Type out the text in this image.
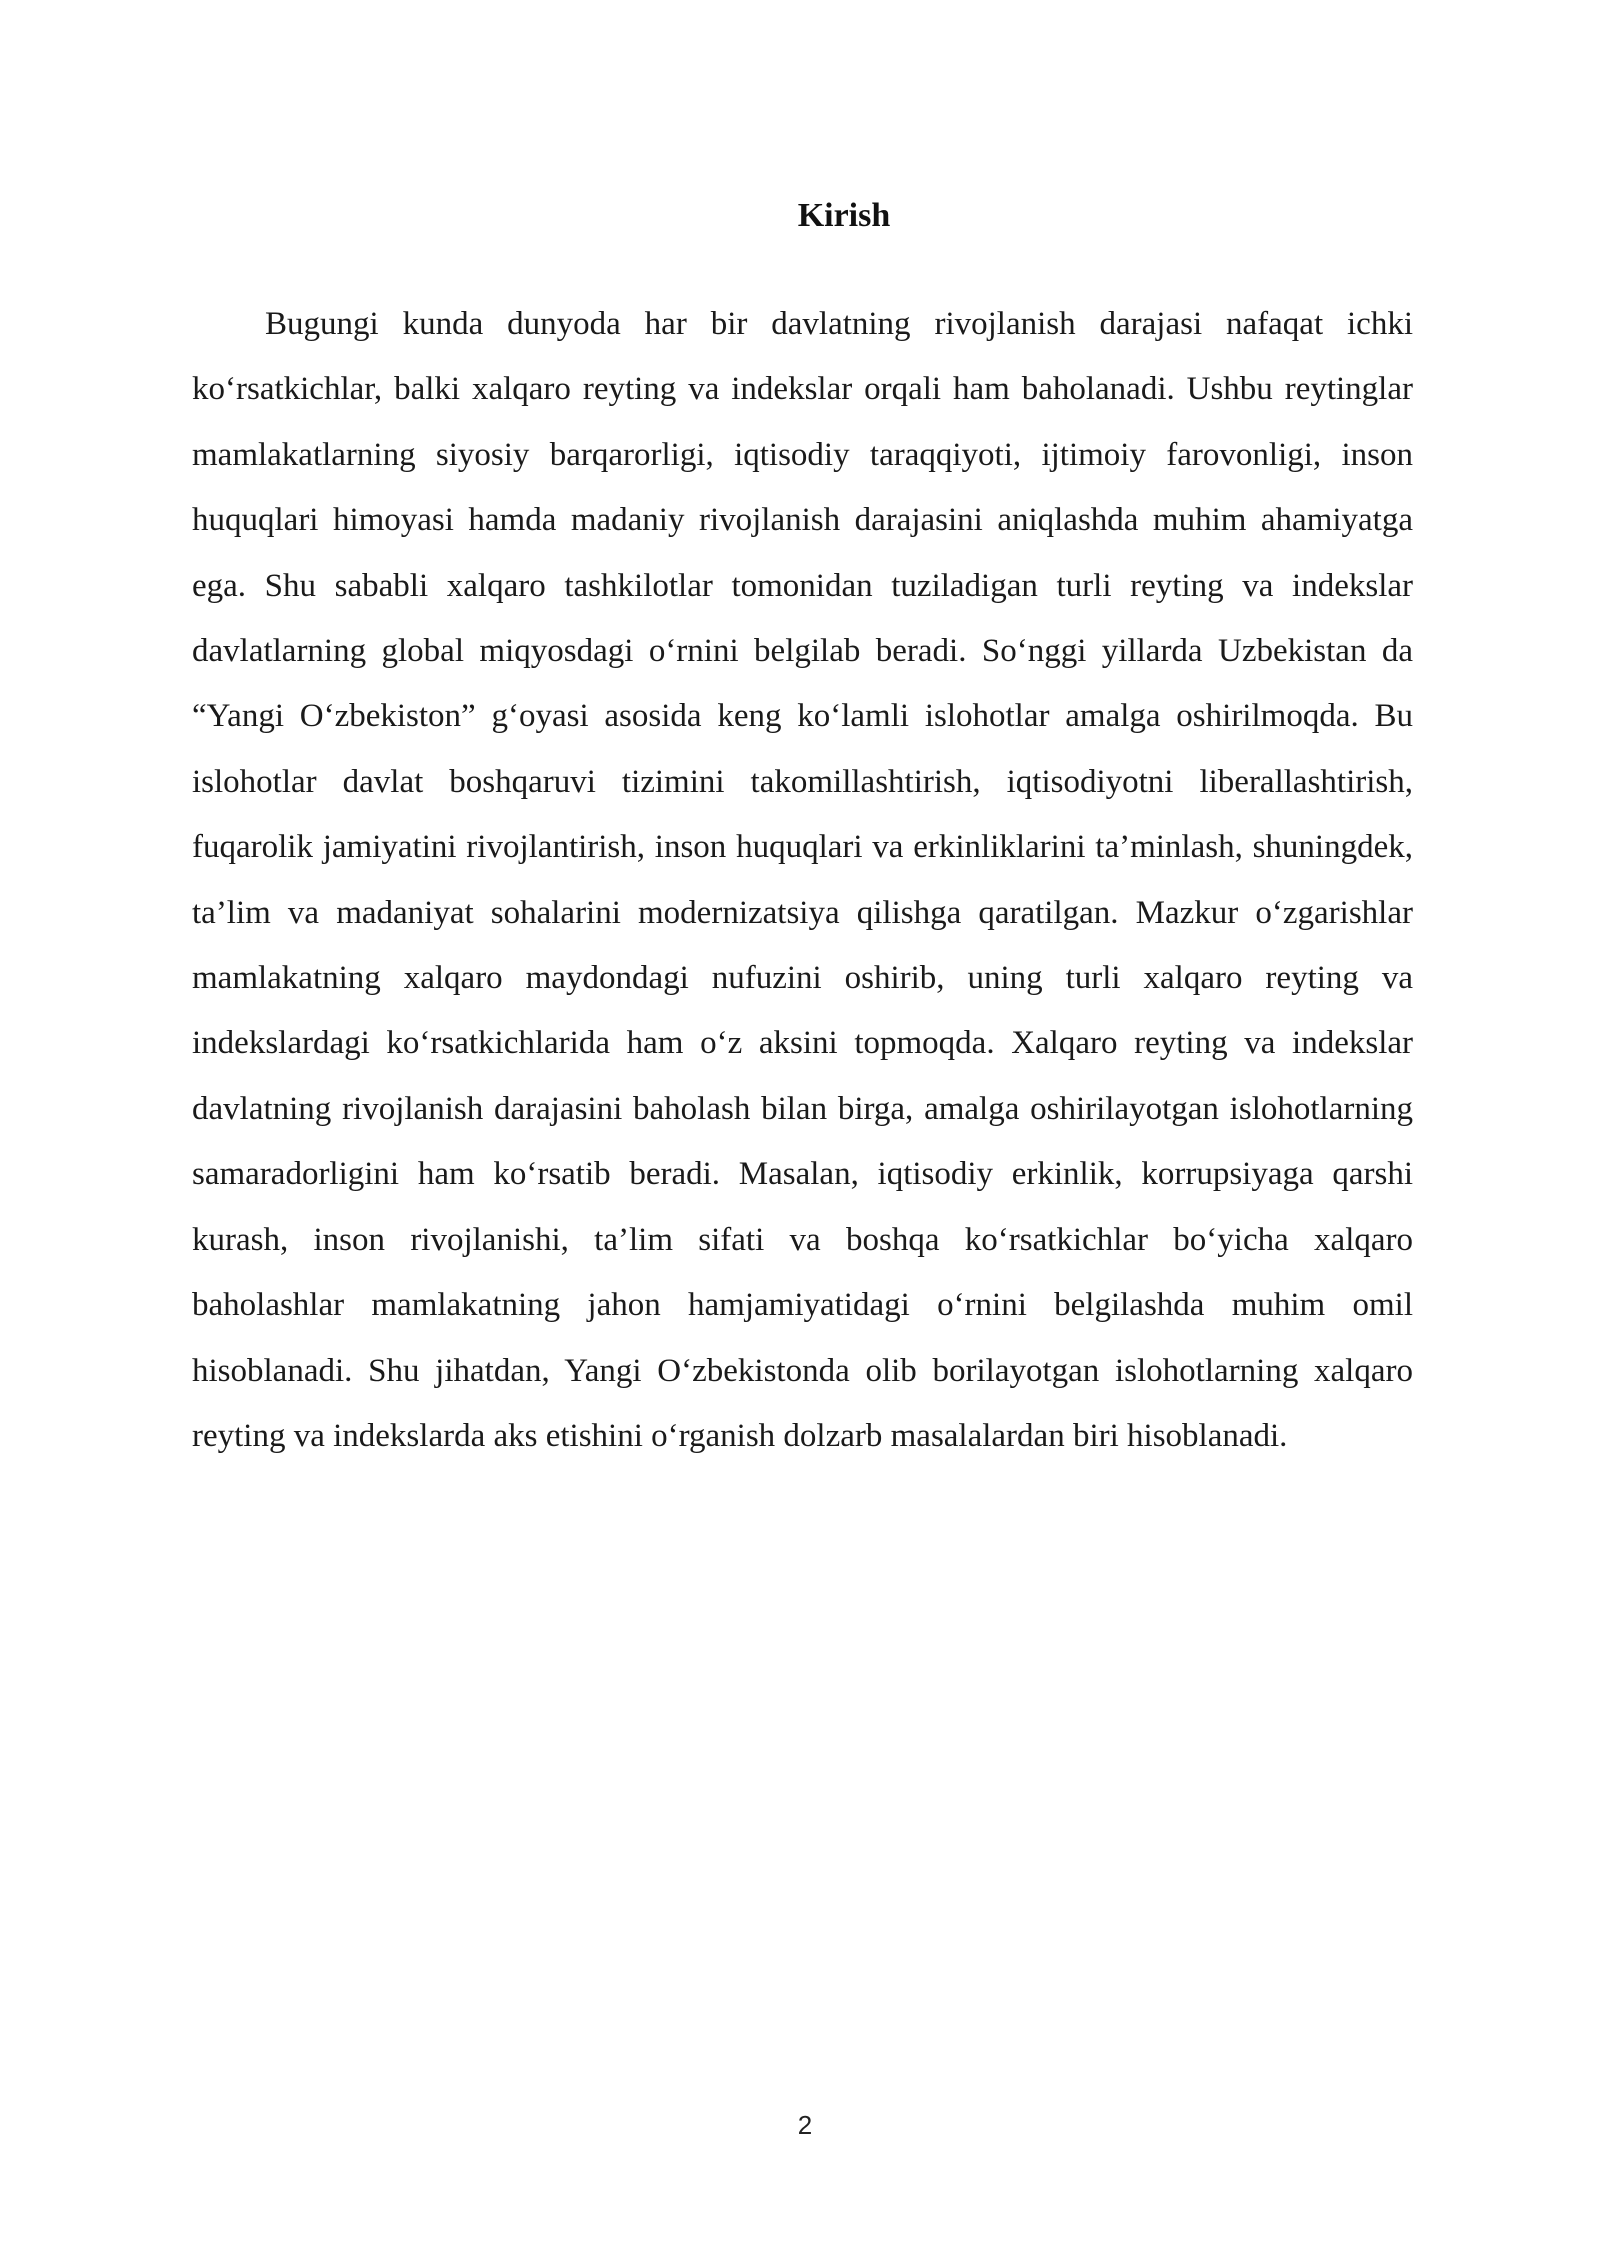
Kirish

Bugungi kunda dunyoda har bir davlatning rivojlanish darajasi nafaqat ichki ko‘rsatkichlar, balki xalqaro reyting va indekslar orqali ham baholanadi. Ushbu reytinglar mamlakatlarning siyosiy barqarorligi, iqtisodiy taraqqiyoti, ijtimoiy farovonligi, inson huquqlari himoyasi hamda madaniy rivojlanish darajasini aniqlashda muhim ahamiyatga ega. Shu sababli xalqaro tashkilotlar tomonidan tuziladigan turli reyting va indekslar davlatlarning global miqyosdagi o‘rnini belgilab beradi. So‘nggi yillarda Uzbekistan da “Yangi O‘zbekiston” g‘oyasi asosida keng ko‘lamli islohotlar amalga oshirilmoqda. Bu islohotlar davlat boshqaruvi tizimini takomillashtirish, iqtisodiyotni liberallashtirish, fuqarolik jamiyatini rivojlantirish, inson huquqlari va erkinliklarini ta’minlash, shuningdek, ta’lim va madaniyat sohalarini modernizatsiya qilishga qaratilgan. Mazkur o‘zgarishlar mamlakatning xalqaro maydondagi nufuzini oshirib, uning turli xalqaro reyting va indekslardagi ko‘rsatkichlarida ham o‘z aksini topmoqda. Xalqaro reyting va indekslar davlatning rivojlanish darajasini baholash bilan birga, amalga oshirilayotgan islohotlarning samaradorligini ham ko‘rsatib beradi. Masalan, iqtisodiy erkinlik, korrupsiyaga qarshi kurash, inson rivojlanishi, ta’lim sifati va boshqa ko‘rsatkichlar bo‘yicha xalqaro baholashlar mamlakatning jahon hamjamiyatidagi o‘rnini belgilashda muhim omil hisoblanadi. Shu jihatdan, Yangi O‘zbekistonda olib borilayotgan islohotlarning xalqaro reyting va indekslarda aks etishini o‘rganish dolzarb masalalardan biri hisoblanadi.

2
